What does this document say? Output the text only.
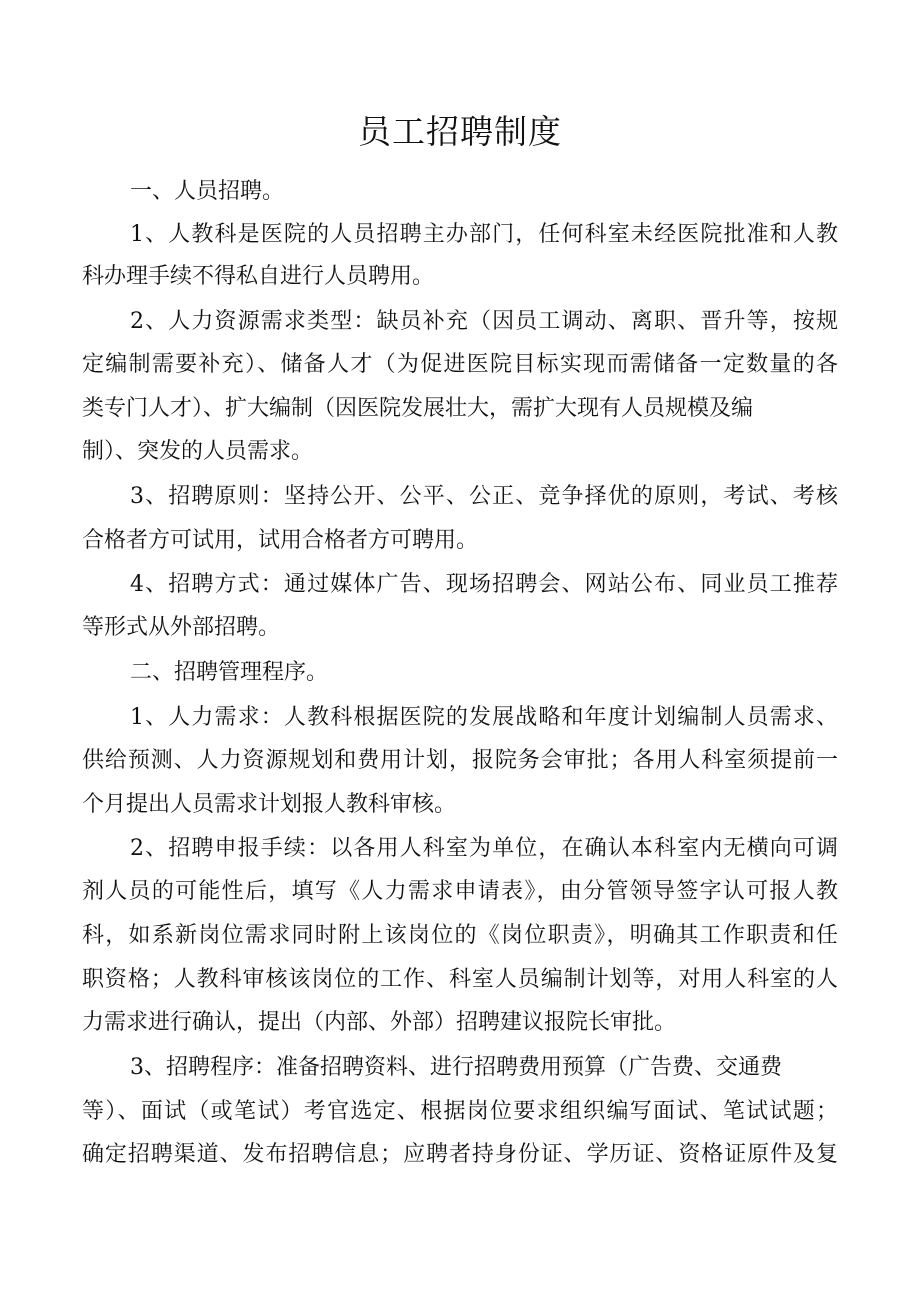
员工招聘制度
一、人员招聘。
1、人教科是医院的人员招聘主办部门，任何科室未经医院批准和人教
科办理手续不得私自进行人员聘用。
2、人力资源需求类型：缺员补充（因员工调动、离职、晋升等，按规
定编制需要补充）、储备人才（为促进医院目标实现而需储备一定数量的各
类专门人才）、扩大编制（因医院发展壮大，需扩大现有人员规模及编
制）、突发的人员需求。
3、招聘原则：坚持公开、公平、公正、竞争择优的原则，考试、考核
合格者方可试用，试用合格者方可聘用。
4、招聘方式：通过媒体广告、现场招聘会、网站公布、同业员工推荐
等形式从外部招聘。
二、招聘管理程序。
1、人力需求：人教科根据医院的发展战略和年度计划编制人员需求、
供给预测、人力资源规划和费用计划，报院务会审批；各用人科室须提前一
个月提出人员需求计划报人教科审核。
2、招聘申报手续：以各用人科室为单位，在确认本科室内无横向可调
剂人员的可能性后，填写《人力需求申请表》，由分管领导签字认可报人教
科，如系新岗位需求同时附上该岗位的《岗位职责》，明确其工作职责和任
职资格；人教科审核该岗位的工作、科室人员编制计划等，对用人科室的人
力需求进行确认，提出（内部、外部）招聘建议报院长审批。
3、招聘程序：准备招聘资料、进行招聘费用预算（广告费、交通费
等）、面试（或笔试）考官选定、根据岗位要求组织编写面试、笔试试题；
确定招聘渠道、发布招聘信息；应聘者持身份证、学历证、资格证原件及复
